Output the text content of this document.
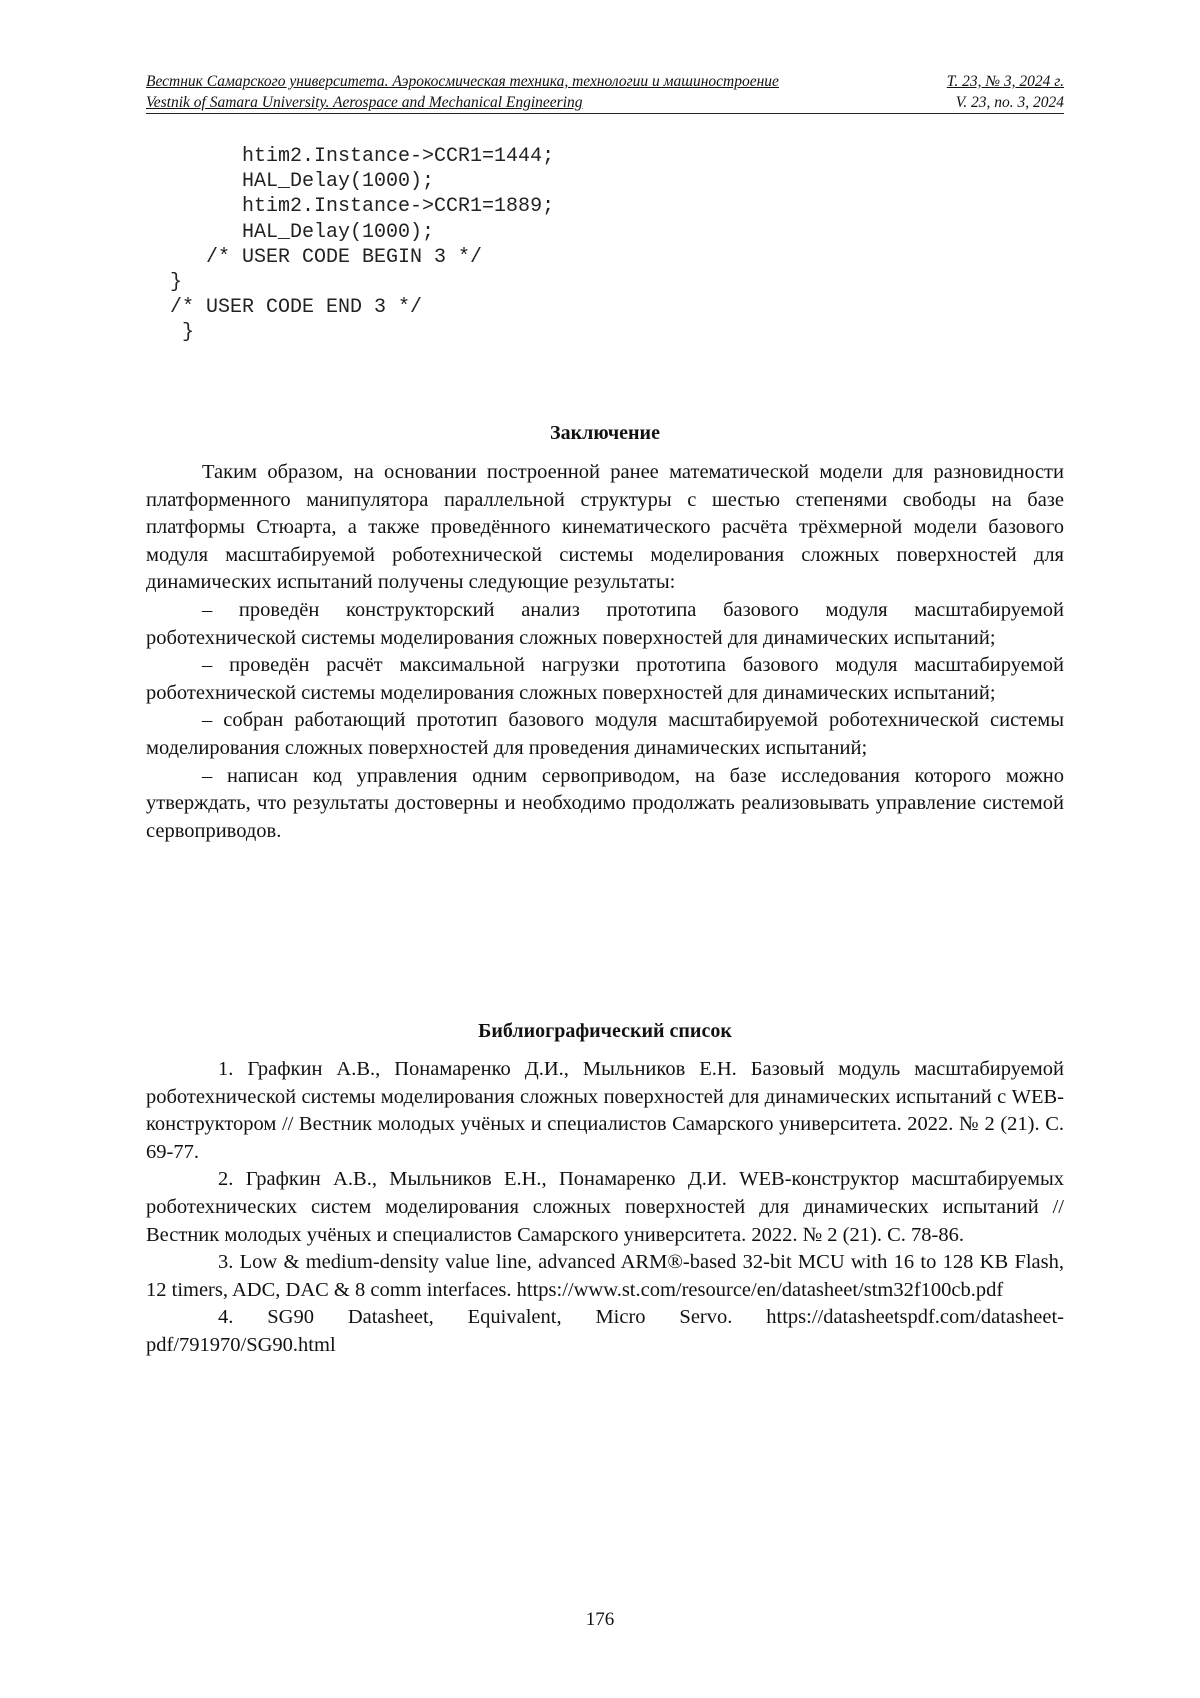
Вестник Самарского университета. Аэрокосмическая техника, технологии и машиностроение	Т. 23, № 3, 2024 г.
Vestnik of Samara University. Aerospace and Mechanical Engineering	V. 23, no. 3, 2024
htim2.Instance->CCR1=1444;
HAL_Delay(1000);
htim2.Instance->CCR1=1889;
HAL_Delay(1000);
/* USER CODE BEGIN 3 */
}
/* USER CODE END 3 */
}
Заключение

Таким образом, на основании построенной ранее математической модели для разновидности платформенного манипулятора параллельной структуры с шестью степенями свободы на базе платформы Стюарта, а также проведённого кинематического расчёта трёхмерной модели базового модуля масштабируемой роботехнической системы моделирования сложных поверхностей для динамических испытаний получены следующие результаты:

– проведён конструкторский анализ прототипа базового модуля масштабируемой роботехнической системы моделирования сложных поверхностей для динамических испытаний;

– проведён расчёт максимальной нагрузки прототипа базового модуля масштабируемой роботехнической системы моделирования сложных поверхностей для динамических испытаний;

– собран работающий прототип базового модуля масштабируемой роботехнической системы моделирования сложных поверхностей для проведения динамических испытаний;

– написан код управления одним сервоприводом, на базе исследования которого можно утверждать, что результаты достоверны и необходимо продолжать реализовывать управление системой сервоприводов.

Библиографический список

1. Графкин А.В., Понамаренко Д.И., Мыльников Е.Н. Базовый модуль масштабируемой роботехнической системы моделирования сложных поверхностей для динамических испытаний с WEB-конструктором // Вестник молодых учёных и специалистов Самарского университета. 2022. № 2 (21). С. 69-77.

2. Графкин А.В., Мыльников Е.Н., Понамаренко Д.И. WEB-конструктор масштабируемых роботехнических систем моделирования сложных поверхностей для динамических испытаний // Вестник молодых учёных и специалистов Самарского университета. 2022. № 2 (21). С. 78-86.

3. Low & medium-density value line, advanced ARM®-based 32-bit MCU with 16 to 128 KB Flash, 12 timers, ADC, DAC & 8 comm interfaces. https://www.st.com/resource/en/datasheet/stm32f100cb.pdf

4. SG90 Datasheet, Equivalent, Micro Servo. https://datasheetspdf.com/datasheet-pdf/791970/SG90.html

176
